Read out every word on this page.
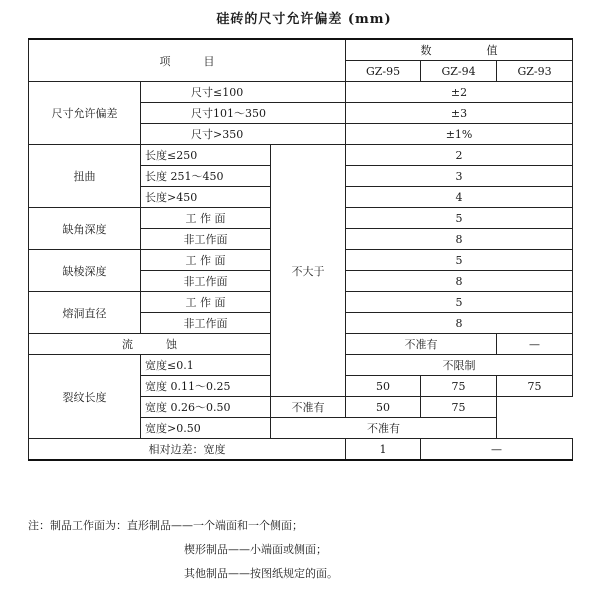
硅砖的尺寸允许偏差 (mm)
项　　　目			数　　　　　值		
			GZ-95	GZ-94	GZ-93
尺寸允许偏差	尺寸≤100		±2		
	尺寸101～350		±3		
	尺寸>350		±1%		
扭曲	长度≤250	不大于	2		
	长度 251～450		3		
	长度>450		4		
缺角深度	工 作 面		5		
	非工作面		8		
缺棱深度	工 作 面		5		
	非工作面		8		
熔洞直径	工 作 面		5		
	非工作面		8		
流　　　蚀			不准有		—
裂纹长度	宽度≤0.1		不限制		
	宽度 0.11～0.25		50	75	75
	宽度 0.26～0.50	不准有	50	75	
	宽度>0.50	不准有			
相对边差：宽度			1	—	
注：制品工作面为：直形制品——一个端面和一个侧面；
楔形制品——小端面或侧面；
其他制品——按图纸规定的面。
